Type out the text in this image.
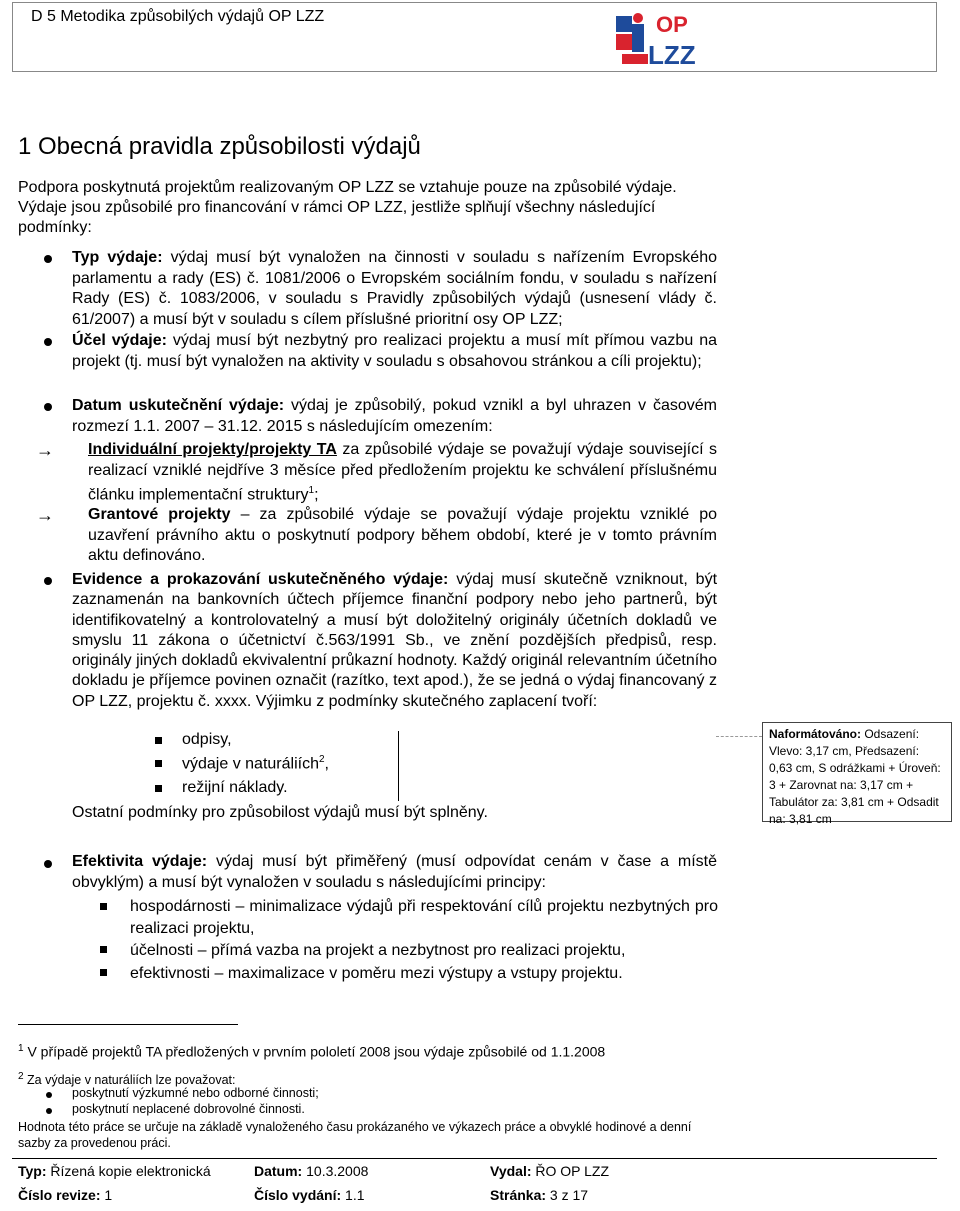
D 5 Metodika způsobilých výdajů OP LZZ	OP
LZZ
1 Obecná pravidla způsobilosti výdajů
Podpora poskytnutá projektům realizovaným OP LZZ se vztahuje pouze na způsobilé výdaje.
Výdaje jsou způsobilé pro financování v rámci OP LZZ, jestliže splňují všechny následující
podmínky:
Typ výdaje: výdaj musí být vynaložen na činnosti v souladu s nařízením Evropského parlamentu a rady (ES) č. 1081/2006 o Evropském sociálním fondu, v souladu s nařízení Rady (ES) č. 1083/2006, v souladu s Pravidly způsobilých výdajů (usnesení vlády č. 61/2007) a musí být v souladu s cílem příslušné prioritní osy OP LZZ;
Účel výdaje: výdaj musí být nezbytný pro realizaci projektu a musí mít přímou vazbu na projekt (tj. musí být vynaložen na aktivity v souladu s obsahovou stránkou a cíli projektu);
Datum uskutečnění výdaje: výdaj je způsobilý, pokud vznikl a byl uhrazen v časovém rozmezí 1.1. 2007 – 31.12. 2015 s následujícím omezením:
→ Individuální projekty/projekty TA za způsobilé výdaje se považují výdaje související s realizací vzniklé nejdříve 3 měsíce před předložením projektu ke schválení příslušnému článku implementační struktury$^1$;
→ Grantové projekty – za způsobilé výdaje se považují výdaje projektu vzniklé po uzavření právního aktu o poskytnutí podpory během období, které je v tomto právním aktu definováno.
Evidence a prokazování uskutečněného výdaje: výdaj musí skutečně vzniknout, být zaznamenán na bankovních účtech příjemce finanční podpory nebo jeho partnerů, být identifikovatelný a kontrolovatelný a musí být doložitelný originály účetních dokladů ve smyslu 11 zákona o účetnictví č.563/1991 Sb., ve znění pozdějších předpisů, resp. originály jiných dokladů ekvivalentní průkazní hodnoty. Každý originál relevantním účetního dokladu je příjemce povinen označit (razítko, text apod.), že se jedná o výdaj financovaný z OP LZZ, projektu č. xxxx. Výjimku z podmínky skutečného zaplacení tvoří:
odpisy,
výdaje v naturáliích$^2$,
režijní náklady.
Ostatní podmínky pro způsobilost výdajů musí být splněny.
Naformátováno: Odsazení: Vlevo: 3,17 cm, Předsazení: 0,63 cm, S odrážkami + Úroveň: 3 + Zarovnat na: 3,17 cm + Tabulátor za: 3,81 cm + Odsadit na: 3,81 cm
Efektivita výdaje: výdaj musí být přiměřený (musí odpovídat cenám v čase a místě obvyklým) a musí být vynaložen v souladu s následujícími principy:
hospodárnosti – minimalizace výdajů při respektování cílů projektu nezbytných pro realizaci projektu,
účelnosti – přímá vazba na projekt a nezbytnost pro realizaci projektu,
efektivnosti – maximalizace v poměru mezi výstupy a vstupy projektu.
$^1$ V případě projektů TA předložených v prvním pololetí 2008 jsou výdaje způsobilé od 1.1.2008
$^2$ Za výdaje v naturáliích lze považovat:
poskytnutí výzkumné nebo odborné činnosti;
poskytnutí neplacené dobrovolné činnosti.
Hodnota této práce se určuje na základě vynaloženého času prokázaného ve výkazech práce a obvyklé hodinové a denní sazby za provedenou práci.
Typ: Řízená kopie elektronická	Datum: 10.3.2008	Vydal: ŘO OP LZZ
Číslo revize: 1	Číslo vydání: 1.1	Stránka: 3 z 17
